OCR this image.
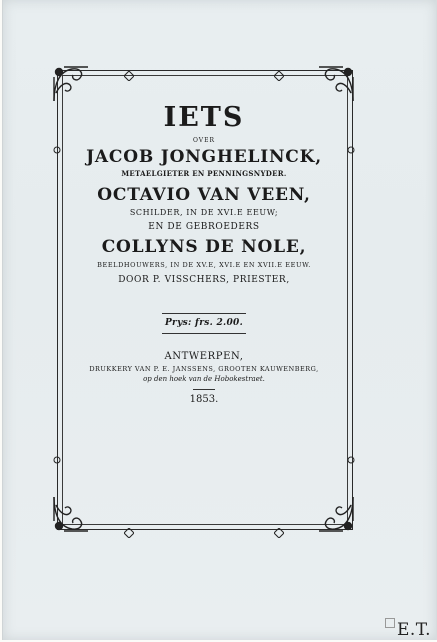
IETS
OVER
JACOB JONGHELINCK,
METAELGIETER EN PENNINGSNYDER.
OCTAVIO VAN VEEN,
SCHILDER, IN DE XVI.E EEUW;
EN DE GEBROEDERS
COLLYNS DE NOLE,
BEELDHOUWERS, IN DE XV.E, XVI.E EN XVII.E EEUW.
DOOR P. VISSCHERS, PRIESTER,
Prys: frs. 2.00.
ANTWERPEN,
DRUKKERY VAN P. E. JANSSENS, GROOTEN KAUWENBERG,
op den hoek van de Hobokestraet.
1853.
E.T.
